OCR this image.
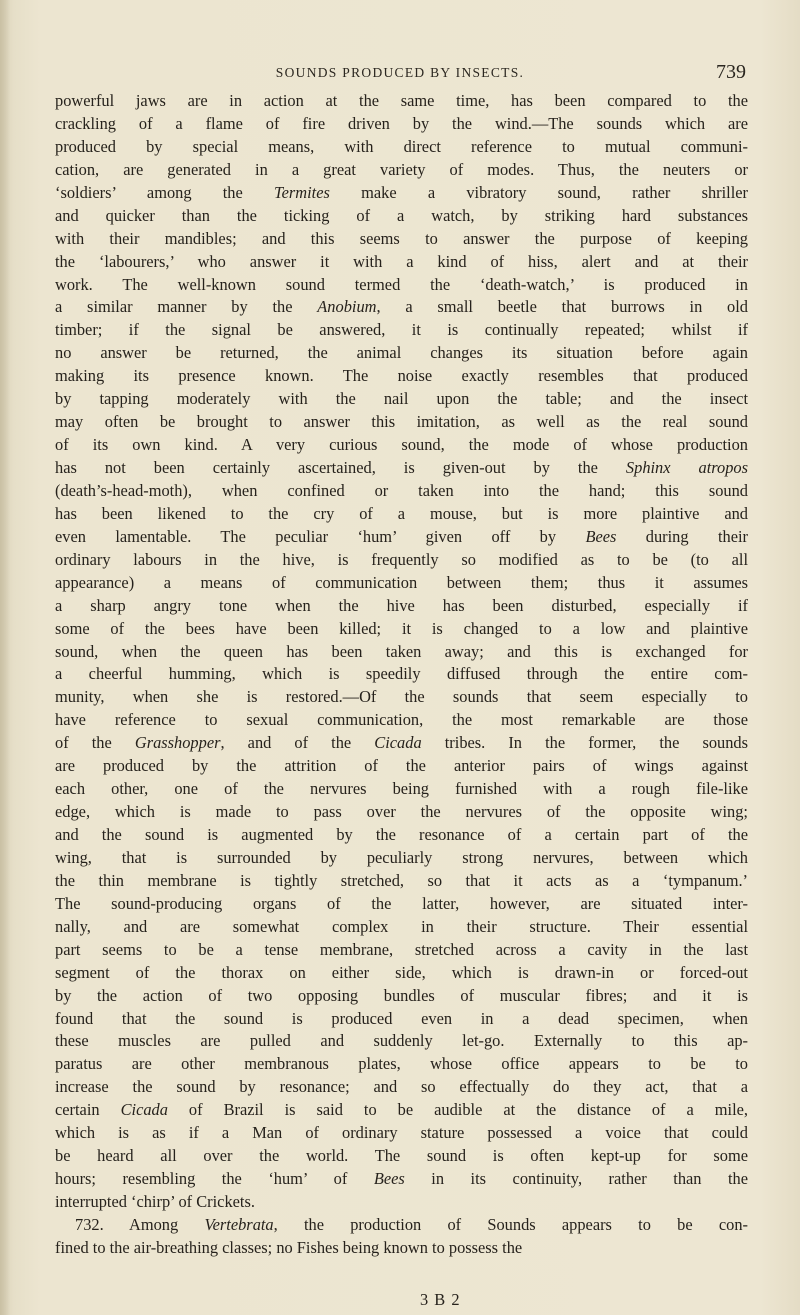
SOUNDS PRODUCED BY INSECTS.	739
powerful jaws are in action at the same time, has been compared to the
crackling of a flame of fire driven by the wind.—The sounds which are
produced by special means, with direct reference to mutual communi-
cation, are generated in a great variety of modes. Thus, the neuters or
‘soldiers’ among the Termites make a vibratory sound, rather shriller
and quicker than the ticking of a watch, by striking hard substances
with their mandibles; and this seems to answer the purpose of keeping
the ‘labourers,’ who answer it with a kind of hiss, alert and at their
work. The well-known sound termed the ‘death-watch,’ is produced in
a similar manner by the Anobium, a small beetle that burrows in old
timber; if the signal be answered, it is continually repeated; whilst if
no answer be returned, the animal changes its situation before again
making its presence known. The noise exactly resembles that produced
by tapping moderately with the nail upon the table; and the insect
may often be brought to answer this imitation, as well as the real sound
of its own kind. A very curious sound, the mode of whose production
has not been certainly ascertained, is given-out by the Sphinx atropos
(death’s-head-moth), when confined or taken into the hand; this sound
has been likened to the cry of a mouse, but is more plaintive and
even lamentable. The peculiar ‘hum’ given off by Bees during their
ordinary labours in the hive, is frequently so modified as to be (to all
appearance) a means of communication between them; thus it assumes
a sharp angry tone when the hive has been disturbed, especially if
some of the bees have been killed; it is changed to a low and plaintive
sound, when the queen has been taken away; and this is exchanged for
a cheerful humming, which is speedily diffused through the entire com-
munity, when she is restored.—Of the sounds that seem especially to
have reference to sexual communication, the most remarkable are those
of the Grasshopper, and of the Cicada tribes. In the former, the sounds
are produced by the attrition of the anterior pairs of wings against
each other, one of the nervures being furnished with a rough file-like
edge, which is made to pass over the nervures of the opposite wing;
and the sound is augmented by the resonance of a certain part of the
wing, that is surrounded by peculiarly strong nervures, between which
the thin membrane is tightly stretched, so that it acts as a ‘tympanum.’
The sound-producing organs of the latter, however, are situated inter-
nally, and are somewhat complex in their structure. Their essential
part seems to be a tense membrane, stretched across a cavity in the last
segment of the thorax on either side, which is drawn-in or forced-out
by the action of two opposing bundles of muscular fibres; and it is
found that the sound is produced even in a dead specimen, when
these muscles are pulled and suddenly let-go. Externally to this ap-
paratus are other membranous plates, whose office appears to be to
increase the sound by resonance; and so effectually do they act, that a
certain Cicada of Brazil is said to be audible at the distance of a mile,
which is as if a Man of ordinary stature possessed a voice that could
be heard all over the world. The sound is often kept-up for some
hours; resembling the ‘hum’ of Bees in its continuity, rather than the
interrupted ‘chirp’ of Crickets.
732. Among Vertebrata, the production of Sounds appears to be con-
fined to the air-breathing classes; no Fishes being known to possess the
3 B 2
